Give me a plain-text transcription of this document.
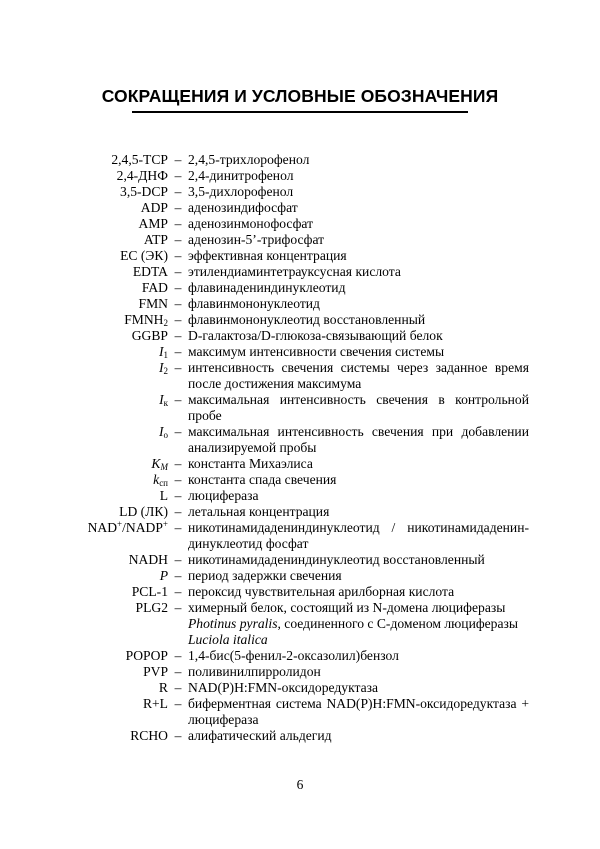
СОКРАЩЕНИЯ И УСЛОВНЫЕ ОБОЗНАЧЕНИЯ
2,4,5-ТСР – 2,4,5-трихлорофенол
2,4-ДНФ – 2,4-динитрофенол
3,5-DCP – 3,5-дихлорофенол
ADP – аденозиндифосфат
AMP – аденозинмонофосфат
ATP – аденозин-5’-трифосфат
EC (ЭК) – эффективная концентрация
EDTA – этилендиаминтетрауксусная кислота
FAD – флавинадениндинуклеотид
FMN – флавинмононуклеотид
$FMNH_2$ – флавинмононуклеотид восстановленный
GGBP – D-галактоза/D-глюкоза-связывающий белок
$I_1$ – максимум интенсивности свечения системы
$I_2$ – интенсивность свечения системы через заданное время после достижения максимума
$I_к$ – максимальная интенсивность свечения в контрольной пробе
$I_о$ – максимальная интенсивность свечения при добавлении анализируемой пробы
$K_M$ – константа Михаэлиса
$k_{сп}$ – константа спада свечения
L – люцифераза
LD (ЛК) – летальная концентрация
NAD+/NADP+ – никотинамидадениндинуклеотид / никотинамидаденин-динуклеотид фосфат
NADH – никотинамидадениндинуклеотид восстановленный
P – период задержки свечения
PCL-1 – пероксид чувствительная арилборная кислота
PLG2 – химерный белок, состоящий из N-домена люциферазы
Photinus pyralis, соединенного с С-доменом люциферазы
Luciola italica
POPOP – 1,4-бис(5-фенил-2-оксазолил)бензол
PVP – поливинилпирролидон
R – NAD(P)H:FMN-оксидоредуктаза
R+L – биферментная система NAD(P)H:FMN-оксидоредуктаза + люцифераза
RCHO – алифатический альдегид
6
